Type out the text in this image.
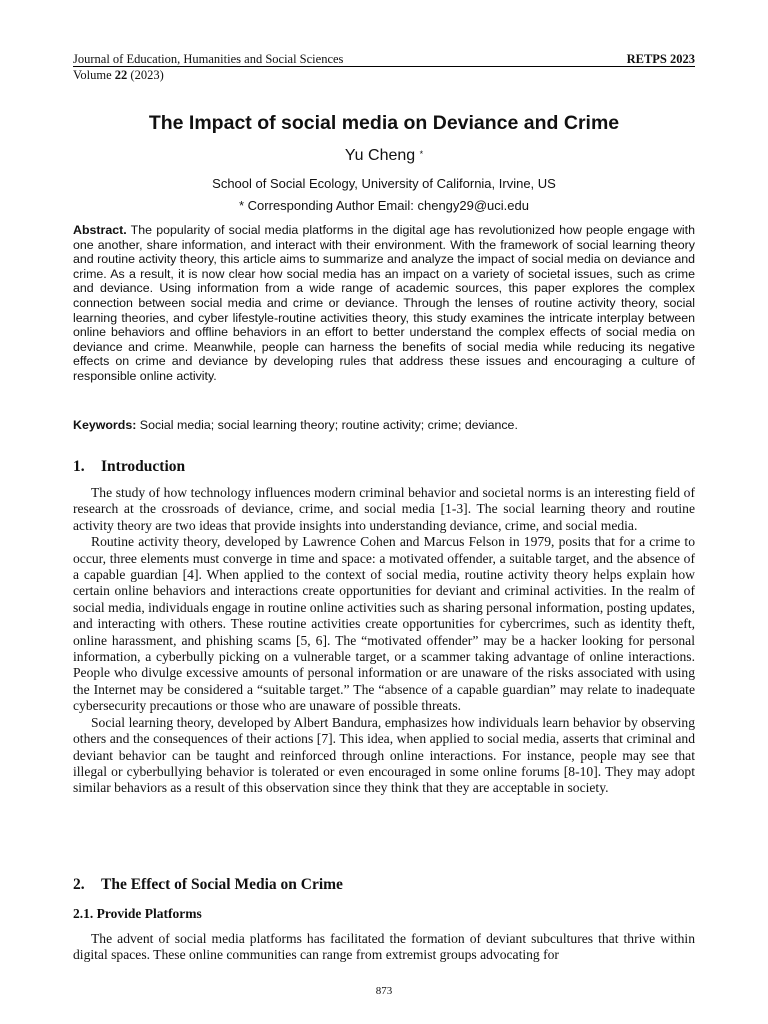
Journal of Education, Humanities and Social Sciences
Volume 22 (2023)
RETPS 2023
The Impact of social media on Deviance and Crime
Yu Cheng *
School of Social Ecology, University of California, Irvine, US
* Corresponding Author Email: chengy29@uci.edu
Abstract. The popularity of social media platforms in the digital age has revolutionized how people engage with one another, share information, and interact with their environment. With the framework of social learning theory and routine activity theory, this article aims to summarize and analyze the impact of social media on deviance and crime. As a result, it is now clear how social media has an impact on a variety of societal issues, such as crime and deviance. Using information from a wide range of academic sources, this paper explores the complex connection between social media and crime or deviance. Through the lenses of routine activity theory, social learning theories, and cyber lifestyle-routine activities theory, this study examines the intricate interplay between online behaviors and offline behaviors in an effort to better understand the complex effects of social media on deviance and crime. Meanwhile, people can harness the benefits of social media while reducing its negative effects on crime and deviance by developing rules that address these issues and encouraging a culture of responsible online activity.
Keywords: Social media; social learning theory; routine activity; crime; deviance.
1. Introduction

The study of how technology influences modern criminal behavior and societal norms is an interesting field of research at the crossroads of deviance, crime, and social media [1-3]. The social learning theory and routine activity theory are two ideas that provide insights into understanding deviance, crime, and social media.

Routine activity theory, developed by Lawrence Cohen and Marcus Felson in 1979, posits that for a crime to occur, three elements must converge in time and space: a motivated offender, a suitable target, and the absence of a capable guardian [4]. When applied to the context of social media, routine activity theory helps explain how certain online behaviors and interactions create opportunities for deviant and criminal activities. In the realm of social media, individuals engage in routine online activities such as sharing personal information, posting updates, and interacting with others. These routine activities create opportunities for cybercrimes, such as identity theft, online harassment, and phishing scams [5, 6]. The “motivated offender” may be a hacker looking for personal information, a cyberbully picking on a vulnerable target, or a scammer taking advantage of online interactions. People who divulge excessive amounts of personal information or are unaware of the risks associated with using the Internet may be considered a “suitable target.” The “absence of a capable guardian” may relate to inadequate cybersecurity precautions or those who are unaware of possible threats.

Social learning theory, developed by Albert Bandura, emphasizes how individuals learn behavior by observing others and the consequences of their actions [7]. This idea, when applied to social media, asserts that criminal and deviant behavior can be taught and reinforced through online interactions. For instance, people may see that illegal or cyberbullying behavior is tolerated or even encouraged in some online forums [8-10]. They may adopt similar behaviors as a result of this observation since they think that they are acceptable in society.

2. The Effect of Social Media on Crime
2.1. Provide Platforms

The advent of social media platforms has facilitated the formation of deviant subcultures that thrive within digital spaces. These online communities can range from extremist groups advocating for

873
